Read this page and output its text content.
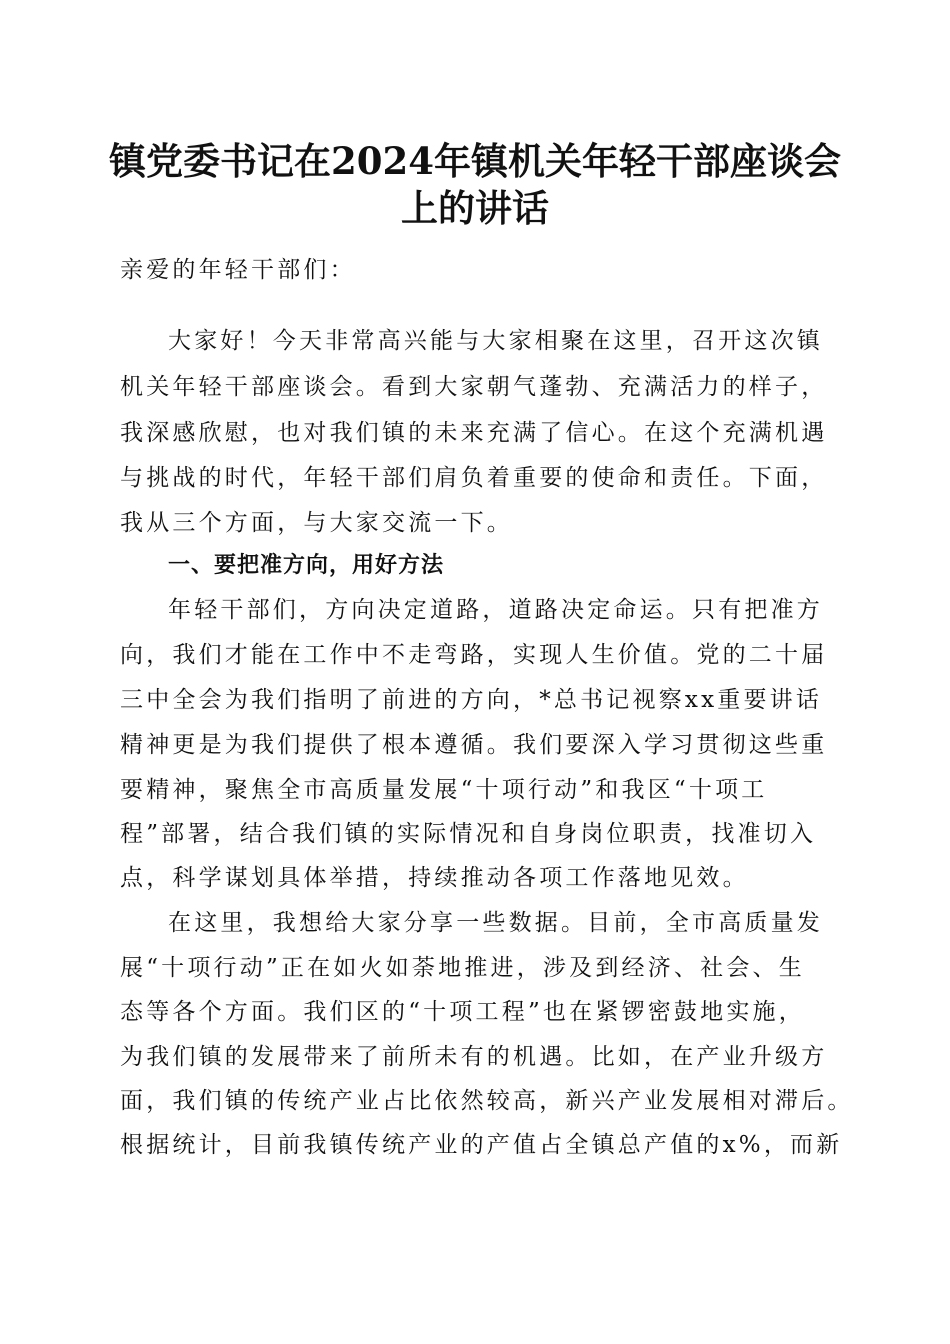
镇党委书记在2024年镇机关年轻干部座谈会
上的讲话
亲爱的年轻干部们：
大家好！今天非常高兴能与大家相聚在这里，召开这次镇
机关年轻干部座谈会。看到大家朝气蓬勃、充满活力的样子，
我深感欣慰，也对我们镇的未来充满了信心。在这个充满机遇
与挑战的时代，年轻干部们肩负着重要的使命和责任。下面，
我从三个方面，与大家交流一下。
一、要把准方向，用好方法
年轻干部们，方向决定道路，道路决定命运。只有把准方
向，我们才能在工作中不走弯路，实现人生价值。党的二十届
三中全会为我们指明了前进的方向，*总书记视察xx重要讲话
精神更是为我们提供了根本遵循。我们要深入学习贯彻这些重
要精神，聚焦全市高质量发展“十项行动”和我区“十项工
程”部署，结合我们镇的实际情况和自身岗位职责，找准切入
点，科学谋划具体举措，持续推动各项工作落地见效。
在这里，我想给大家分享一些数据。目前，全市高质量发
展“十项行动”正在如火如荼地推进，涉及到经济、社会、生
态等各个方面。我们区的“十项工程”也在紧锣密鼓地实施，
为我们镇的发展带来了前所未有的机遇。比如，在产业升级方
面，我们镇的传统产业占比依然较高，新兴产业发展相对滞后。
根据统计，目前我镇传统产业的产值占全镇总产值的x%，而新
